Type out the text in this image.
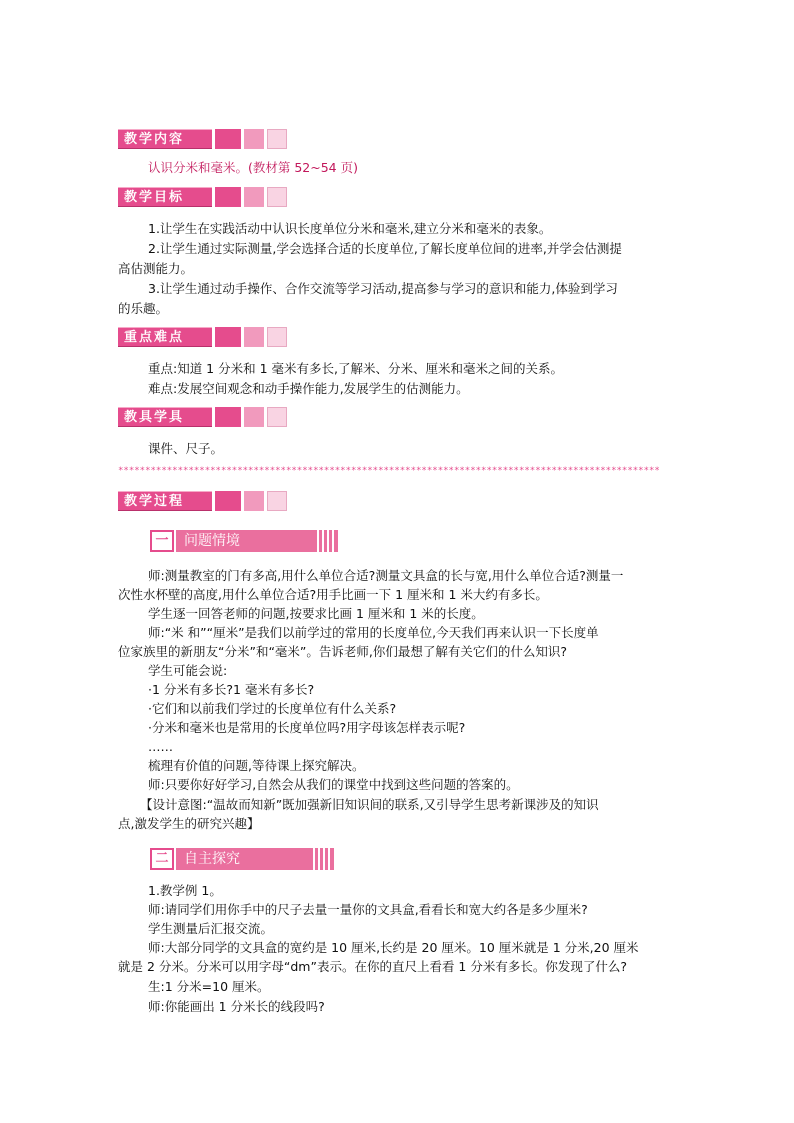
教学内容
认识分米和毫米。(教材第 52~54 页)
教学目标
1.让学生在实践活动中认识长度单位分米和毫米,建立分米和毫米的表象。
2.让学生通过实际测量,学会选择合适的长度单位,了解长度单位间的进率,并学会估测提
高估测能力。
3.让学生通过动手操作、合作交流等学习活动,提高参与学习的意识和能力,体验到学习
的乐趣。
重点难点
重点:知道 1 分米和 1 毫米有多长,了解米、分米、厘米和毫米之间的关系。
难点:发展空间观念和动手操作能力,发展学生的估测能力。
教具学具
课件、尺子。
****************************************************************************************************
教学过程
一	问题情境
师:测量教室的门有多高,用什么单位合适?测量文具盒的长与宽,用什么单位合适?测量一
次性水杯壁的高度,用什么单位合适?用手比画一下 1 厘米和 1 米大约有多长。
学生逐一回答老师的问题,按要求比画 1 厘米和 1 米的长度。
师:“米 和”“厘米”是我们以前学过的常用的长度单位,今天我们再来认识一下长度单
位家族里的新朋友“分米”和“毫米”。告诉老师,你们最想了解有关它们的什么知识?
学生可能会说:
·1 分米有多长?1 毫米有多长?
·它们和以前我们学过的长度单位有什么关系?
·分米和毫米也是常用的长度单位吗?用字母该怎样表示呢?
……
梳理有价值的问题,等待课上探究解决。
师:只要你好好学习,自然会从我们的课堂中找到这些问题的答案的。
【设计意图:“温故而知新”既加强新旧知识间的联系,又引导学生思考新课涉及的知识
点,激发学生的研究兴趣】
二	自主探究
1.教学例 1。
师:请同学们用你手中的尺子去量一量你的文具盒,看看长和宽大约各是多少厘米?
学生测量后汇报交流。
师:大部分同学的文具盒的宽约是 10 厘米,长约是 20 厘米。10 厘米就是 1 分米,20 厘米
就是 2 分米。分米可以用字母“dm”表示。在你的直尺上看看 1 分米有多长。你发现了什么?
生:1 分米=10 厘米。
师:你能画出 1 分米长的线段吗?
